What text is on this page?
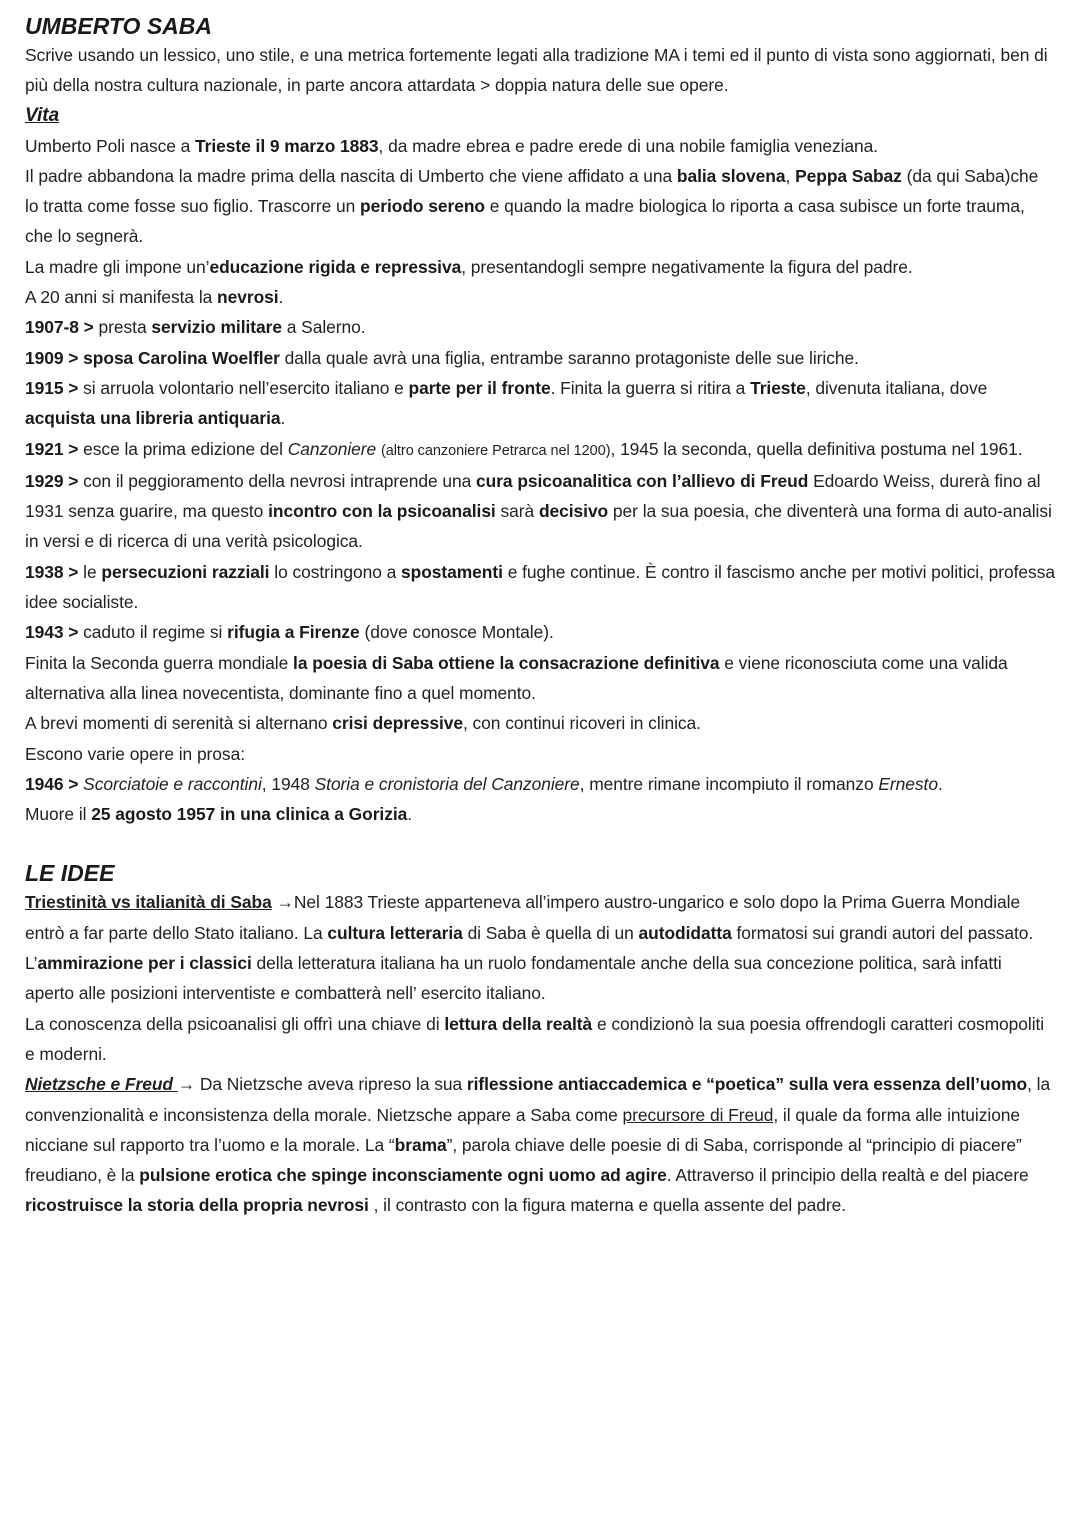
UMBERTO SABA

Scrive usando un lessico, uno stile, e una metrica fortemente legati alla tradizione MA i temi ed il punto di vista sono aggiornati, ben di più della nostra cultura nazionale, in parte ancora attardata > doppia natura delle sue opere.

Vita

Umberto Poli nasce a Trieste il 9 marzo 1883, da madre ebrea e padre erede di una nobile famiglia veneziana.

Il padre abbandona la madre prima della nascita di Umberto che viene affidato a una balia slovena, Peppa Sabaz (da qui Saba)che lo tratta come fosse suo figlio. Trascorre un periodo sereno e quando la madre biologica lo riporta a casa subisce un forte trauma, che lo segnerà.

La madre gli impone un’educazione rigida e repressiva, presentandogli sempre negativamente la figura del padre.

A 20 anni si manifesta la nevrosi.

1907-8 > presta servizio militare a Salerno.

1909 > sposa Carolina Woelfler dalla quale avrà una figlia, entrambe saranno protagoniste delle sue liriche.

1915 > si arruola volontario nell’esercito italiano e parte per il fronte. Finita la guerra si ritira a Trieste, divenuta italiana, dove acquista una libreria antiquaria.

1921 > esce la prima edizione del Canzoniere (altro canzoniere Petrarca nel 1200), 1945 la seconda, quella definitiva postuma nel 1961.

1929 > con il peggioramento della nevrosi intraprende una cura psicoanalitica con l’allievo di Freud Edoardo Weiss, durerà fino al 1931 senza guarire, ma questo incontro con la psicoanalisi sarà decisivo per la sua poesia, che diventerà una forma di auto-analisi in versi e di ricerca di una verità psicologica.

1938 > le persecuzioni razziali lo costringono a spostamenti e fughe continue. È contro il fascismo anche per motivi politici, professa idee socialiste.

1943 > caduto il regime si rifugia a Firenze (dove conosce Montale).

Finita la Seconda guerra mondiale la poesia di Saba ottiene la consacrazione definitiva e viene riconosciuta come una valida alternativa alla linea novecentista, dominante fino a quel momento.

A brevi momenti di serenità si alternano crisi depressive, con continui ricoveri in clinica.

Escono varie opere in prosa:

1946 > Scorciatoie e raccontini, 1948 Storia e cronistoria del Canzoniere, mentre rimane incompiuto il romanzo Ernesto.

Muore il 25 agosto 1957 in una clinica a Gorizia.

LE IDEE

Triestinità vs italianità di Saba →Nel 1883 Trieste apparteneva all’impero austro-ungarico e solo dopo la Prima Guerra Mondiale entrò a far parte dello Stato italiano. La cultura letteraria di Saba è quella di un autodidatta formatosi sui grandi autori del passato. L’ammirazione per i classici della letteratura italiana ha un ruolo fondamentale anche della sua concezione politica, sarà infatti aperto alle posizioni interventiste e combatterà nell’ esercito italiano.

La conoscenza della psicoanalisi gli offrì una chiave di lettura della realtà e condizionò la sua poesia offrendogli caratteri cosmopoliti e moderni.

Nietzsche e Freud → Da Nietzsche aveva ripreso la sua riflessione antiaccademica e “poetica” sulla vera essenza dell’uomo, la convenzionalità e inconsistenza della morale. Nietzsche appare a Saba come precursore di Freud, il quale da forma alle intuizione nicciane sul rapporto tra l’uomo e la morale. La “brama”, parola chiave delle poesie di di Saba, corrisponde al “principio di piacere” freudiano, è la pulsione erotica che spinge inconsciamente ogni uomo ad agire. Attraverso il principio della realtà e del piacere ricostruisce la storia della propria nevrosi , il contrasto con la figura materna e quella assente del padre.
